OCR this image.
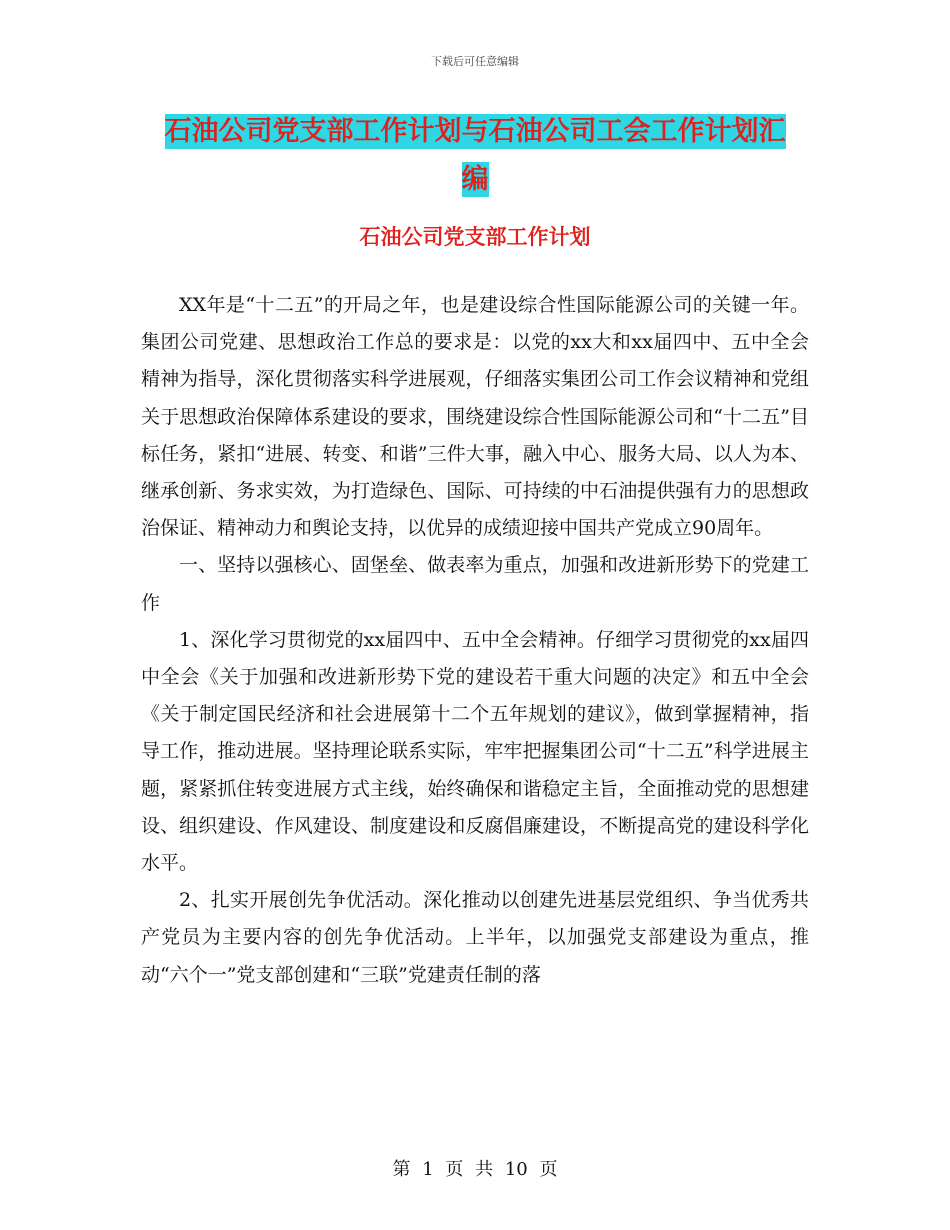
下载后可任意编辑
石油公司党支部工作计划与石油公司工会工作计划汇
编
石油公司党支部工作计划

XX年是“十二五”的开局之年，也是建设综合性国际能源公司的关键一年。集团公司党建、思想政治工作总的要求是：以党的xx大和xx届四中、五中全会精神为指导，深化贯彻落实科学进展观，仔细落实集团公司工作会议精神和党组关于思想政治保障体系建设的要求，围绕建设综合性国际能源公司和“十二五”目标任务，紧扣“进展、转变、和谐”三件大事，融入中心、服务大局、以人为本、继承创新、务求实效，为打造绿色、国际、可持续的中石油提供强有力的思想政治保证、精神动力和舆论支持，以优异的成绩迎接中国共产党成立90周年。

一、坚持以强核心、固堡垒、做表率为重点，加强和改进新形势下的党建工作

1、深化学习贯彻党的xx届四中、五中全会精神。仔细学习贯彻党的xx届四中全会《关于加强和改进新形势下党的建设若干重大问题的决定》和五中全会《关于制定国民经济和社会进展第十二个五年规划的建议》，做到掌握精神，指导工作，推动进展。坚持理论联系实际，牢牢把握集团公司“十二五”科学进展主题，紧紧抓住转变进展方式主线，始终确保和谐稳定主旨，全面推动党的思想建设、组织建设、作风建设、制度建设和反腐倡廉建设，不断提高党的建设科学化水平。

2、扎实开展创先争优活动。深化推动以创建先进基层党组织、争当优秀共产党员为主要内容的创先争优活动。上半年，以加强党支部建设为重点，推动“六个一”党支部创建和“三联”党建责任制的落

第 1 页 共 10 页
